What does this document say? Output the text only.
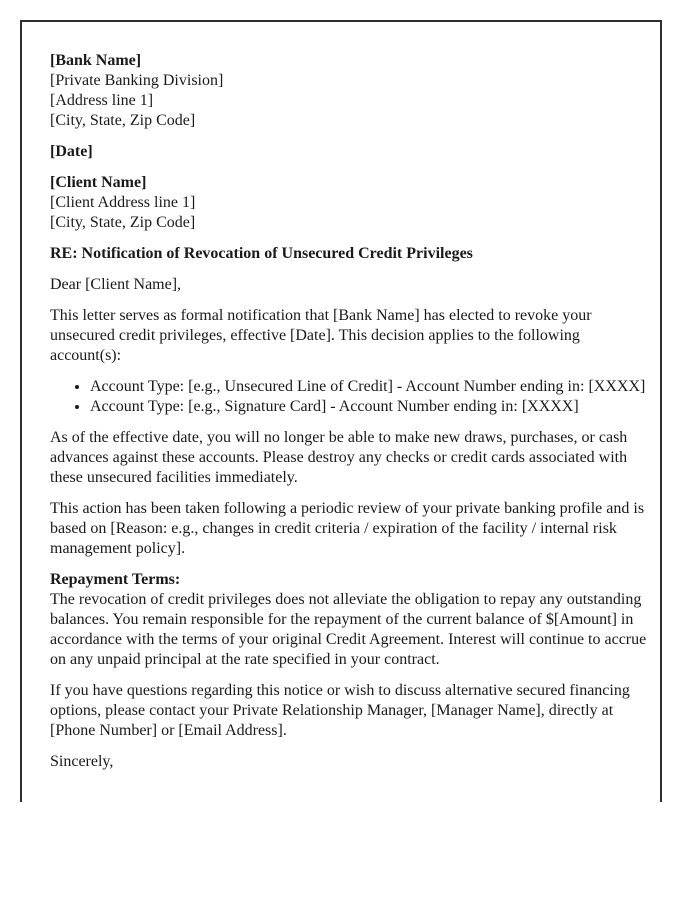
[Bank Name]
[Private Banking Division]
[Address line 1]
[City, State, Zip Code]
[Date]
[Client Name]
[Client Address line 1]
[City, State, Zip Code]
RE: Notification of Revocation of Unsecured Credit Privileges
Dear [Client Name],
This letter serves as formal notification that [Bank Name] has elected to revoke your unsecured credit privileges, effective [Date]. This decision applies to the following account(s):
• Account Type: [e.g., Unsecured Line of Credit] - Account Number ending in: [XXXX]
• Account Type: [e.g., Signature Card] - Account Number ending in: [XXXX]
As of the effective date, you will no longer be able to make new draws, purchases, or cash advances against these accounts. Please destroy any checks or credit cards associated with these unsecured facilities immediately.
This action has been taken following a periodic review of your private banking profile and is based on [Reason: e.g., changes in credit criteria / expiration of the facility / internal risk management policy].
Repayment Terms:
The revocation of credit privileges does not alleviate the obligation to repay any outstanding balances. You remain responsible for the repayment of the current balance of $[Amount] in accordance with the terms of your original Credit Agreement. Interest will continue to accrue on any unpaid principal at the rate specified in your contract.
If you have questions regarding this notice or wish to discuss alternative secured financing options, please contact your Private Relationship Manager, [Manager Name], directly at [Phone Number] or [Email Address].
Sincerely,
